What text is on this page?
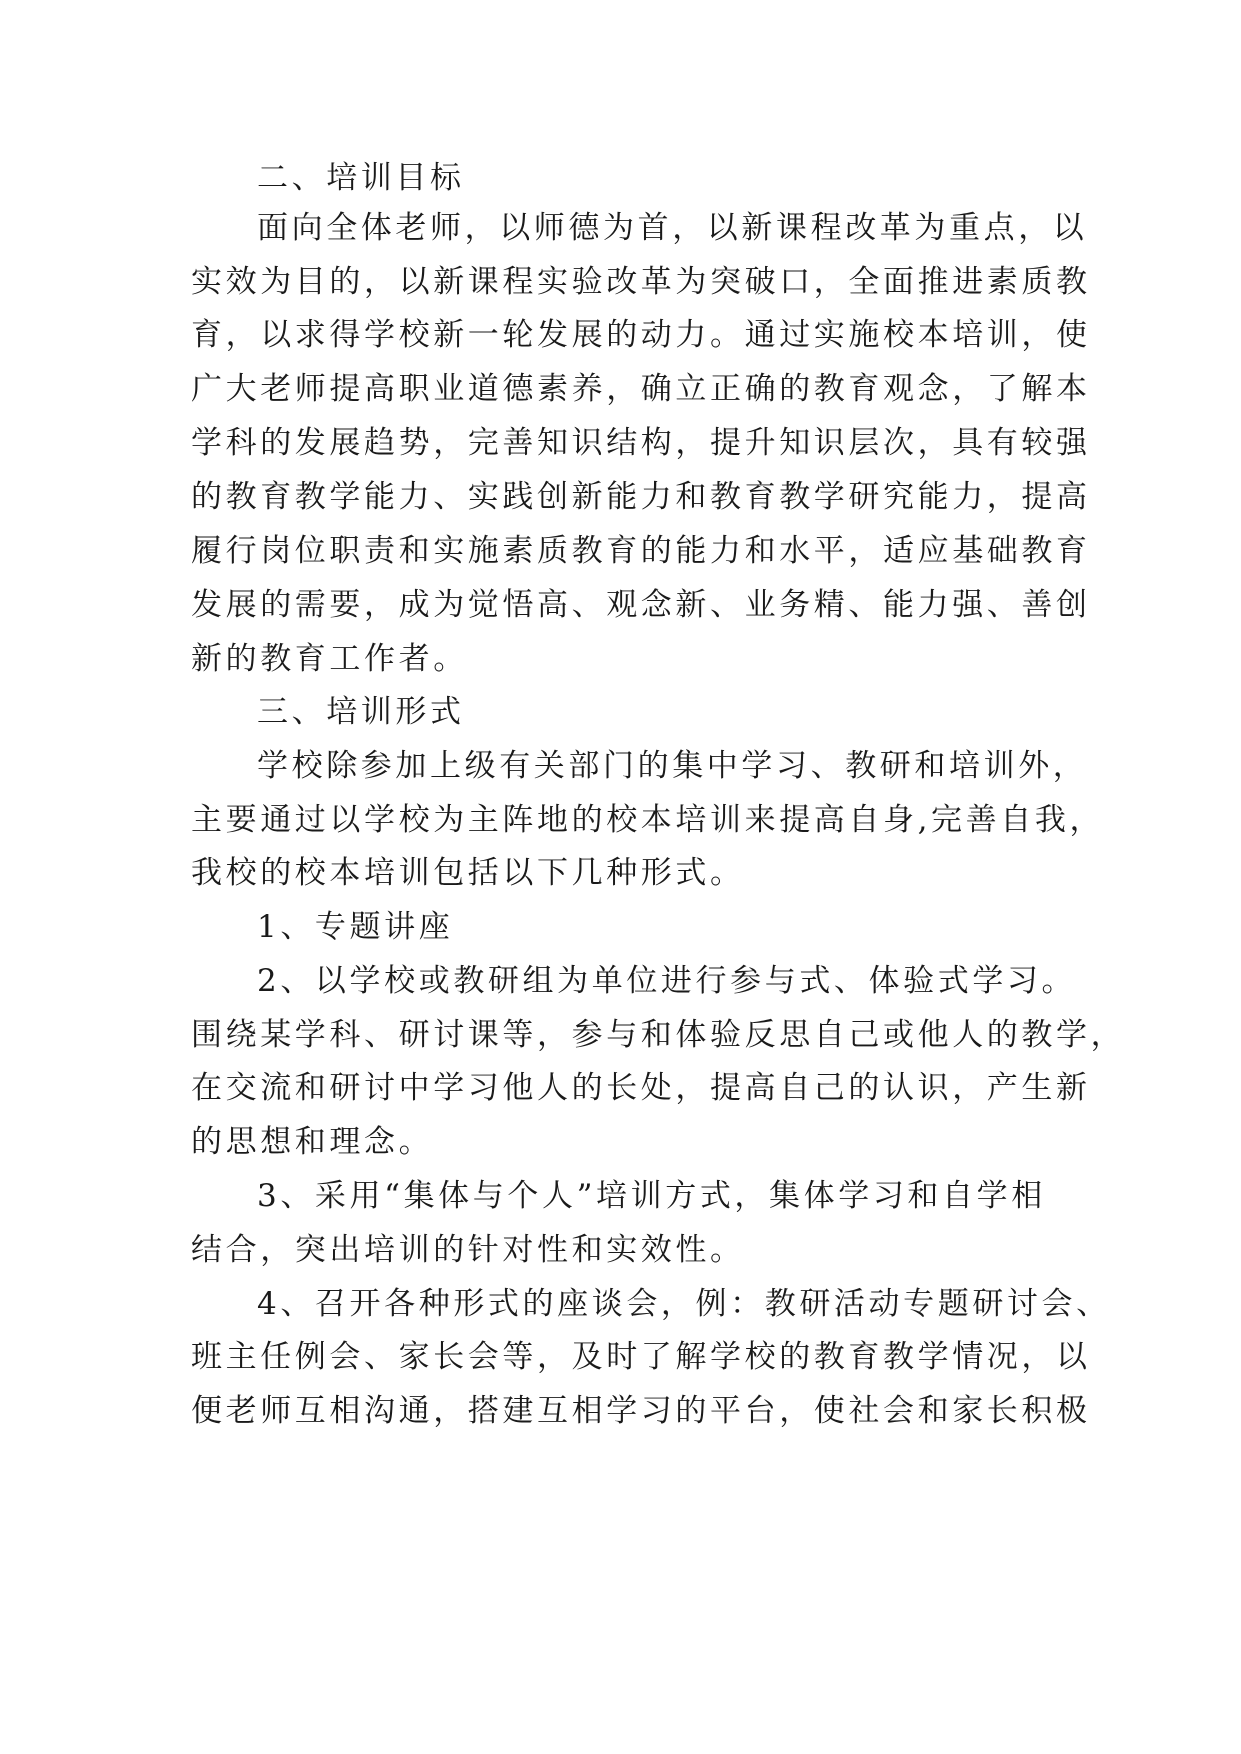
二、培训目标
面向全体老师，以师德为首，以新课程改革为重点，以
实效为目的，以新课程实验改革为突破口，全面推进素质教
育，以求得学校新一轮发展的动力。通过实施校本培训，使
广大老师提高职业道德素养，确立正确的教育观念，了解本
学科的发展趋势，完善知识结构，提升知识层次，具有较强
的教育教学能力、实践创新能力和教育教学研究能力，提高
履行岗位职责和实施素质教育的能力和水平，适应基础教育
发展的需要，成为觉悟高、观念新、业务精、能力强、善创
新的教育工作者。
三、培训形式
学校除参加上级有关部门的集中学习、教研和培训外，
主要通过以学校为主阵地的校本培训来提高自身,完善自我，
我校的校本培训包括以下几种形式。
1、专题讲座
2、以学校或教研组为单位进行参与式、体验式学习。
围绕某学科、研讨课等，参与和体验反思自己或他人的教学，
在交流和研讨中学习他人的长处，提高自己的认识，产生新
的思想和理念。
3、采用“集体与个人”培训方式，集体学习和自学相
结合，突出培训的针对性和实效性。
4、召开各种形式的座谈会，例：教研活动专题研讨会、
班主任例会、家长会等，及时了解学校的教育教学情况，以
便老师互相沟通，搭建互相学习的平台，使社会和家长积极
